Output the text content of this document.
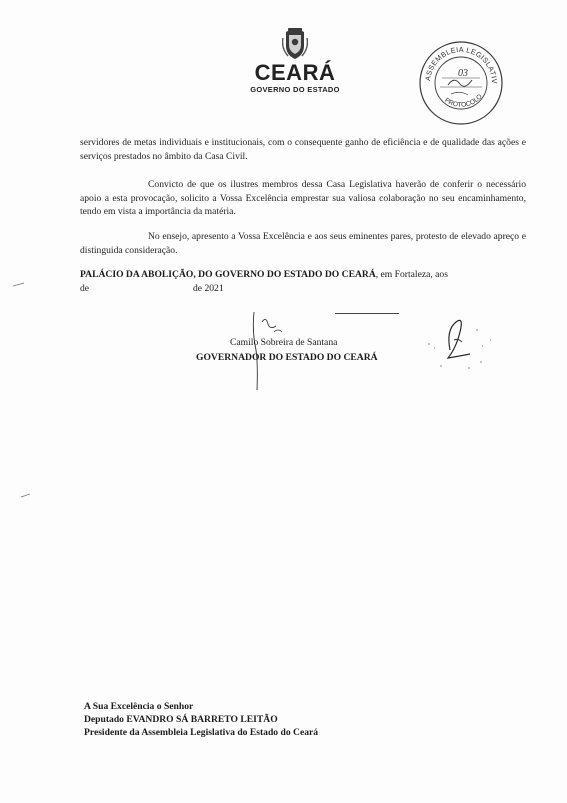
CEARÁ
GOVERNO DO ESTADO
ASSEMBLEIA LEGISLATIV
PROTOCOLO
03
servidores de metas individuais e institucionais, com o consequente ganho de eficiência e de qualidade das ações e serviços prestados no âmbito da Casa Civil.
Convicto de que os ilustres membros dessa Casa Legislativa haverão de conferir o necessário apoio a esta provocação, solicito a Vossa Excelência emprestar sua valiosa colaboração no seu encaminhamento, tendo em vista a importância da matéria.
No ensejo, apresento a Vossa Excelência e aos seus eminentes pares, protesto de elevado apreço e distinguida consideração.
PALÁCIO DA ABOLIÇÃO, DO GOVERNO DO ESTADO DO CEARÁ, em Fortaleza, aos
de	de 2021
Camilo Sobreira de Santana
GOVERNADOR DO ESTADO DO CEARÁ
A Sua Excelência o Senhor
Deputado EVANDRO SÁ BARRETO LEITÃO
Presidente da Assembleia Legislativa do Estado do Ceará
